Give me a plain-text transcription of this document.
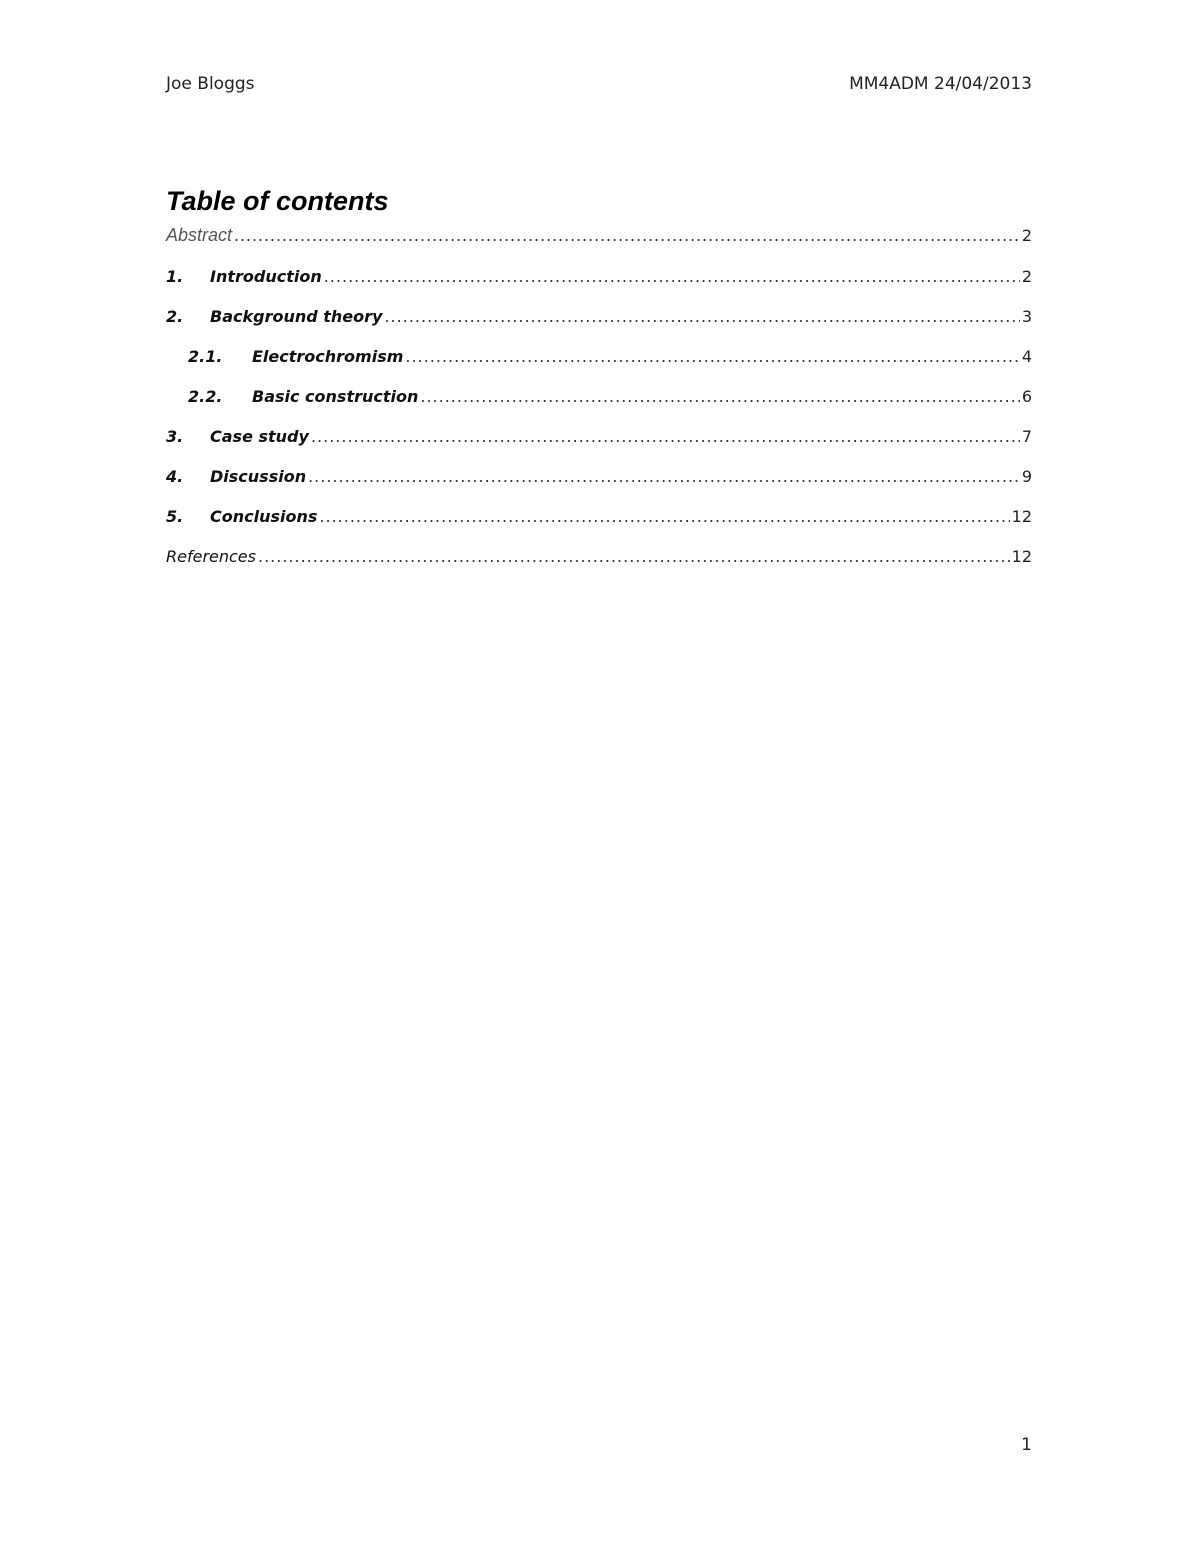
Joe Bloggs	MM4ADM 24/04/2013
Table of contents
Abstract .....	2
1.	Introduction .....	2
2.	Background theory .....	3
2.1.	Electrochromism .....	4
2.2.	Basic construction .....	6
3.	Case study .....	7
4.	Discussion .....	9
5.	Conclusions .....	12
References .....	12
1
